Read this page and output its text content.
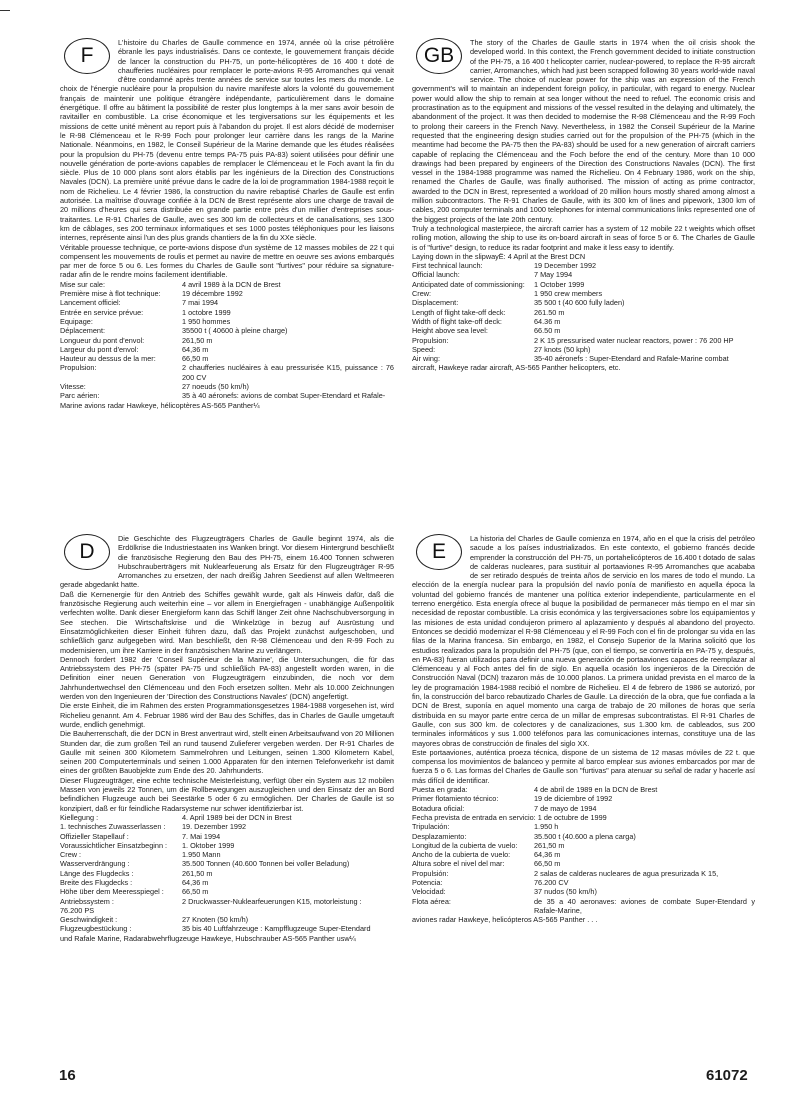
F

L'histoire du Charles de Gaulle commence en 1974, année où la crise pétrolière ébranle les pays industrialisés. Dans ce contexte, le gouvernement français décide de lancer la construction du PH-75, un porte-hélicoptères de 16 400 t doté de chaufferies nucléaires pour remplacer le porte-avions R-95 Arromanches qui venait d'être condamné après trente années de service sur toutes les mers du monde. Le choix de l'énergie nucléaire pour la propulsion du navire manifeste alors la volonté du gouvernement français de maintenir une politique étrangère indépendante, particulièrement dans le domaine énergétique. Il offre au bâtiment la possibilité de rester plus longtemps à la mer sans avoir besoin de ravitailler en combustible. La crise économique et les tergiversations sur les équipements et les missions de cette unité mènent au report puis à l'abandon du projet. Il est alors décidé de moderniser le R-98 Clémenceau et le R-99 Foch pour prolonger leur carrière dans les rangs de la Marine Nationale. Néanmoins, en 1982, le Conseil Supérieur de la Marine demande que les études réalisées pour la propulsion du PH-75 (devenu entre temps PA-75 puis PA-83) soient utilisées pour définir une nouvelle génération de porte-avions capables de remplacer le Clémenceau et le Foch avant la fin du siècle. Plus de 10 000 plans sont alors établis par les ingénieurs de la Direction des Constructions Navales (DCN). La première unité prévue dans le cadre de la loi de programmation 1984-1988 reçoit le nom de Richelieu. Le 4 février 1986, la construction du navire rebaptisé Charles de Gaulle est enfin autorisée. La maîtrise d'ouvrage confiée à la DCN de Brest représente alors une charge de travail de 20 millions d'heures qui sera distribuée en grande partie entre près d'un millier d'entreprises sous-traitantes. Le R-91 Charles de Gaulle, avec ses 300 km de collecteurs et de canalisations, ses 1300 km de câblages, ses 200 terminaux informatiques et ses 1000 postes téléphoniques pour les liaisons internes, représente ainsi l'un des plus grands chantiers de la fin du XXe siècle.

Véritable prouesse technique, ce porte-avions dispose d'un système de 12 masses mobiles de 22 t qui compensent les mouvements de roulis et permet au navire de mettre en oeuvre ses avions embarqués par mer de force 5 ou 6. Les formes du Charles de Gaulle sont "furtives" pour réduire sa signature-radar afin de le rendre moins facilement identifiable.

Mise sur cale:	4 avril 1989 à la DCN de Brest
Première mise à flot technique:	19 décembre 1992
Lancement officiel:	7 mai 1994
Entrée en service prévue:	1 octobre 1999
Equipage:	1 950 hommes
Déplacement:	35500 t ( 40600 à pleine charge)
Longueur du pont d'envol:	261,50 m
Largeur du pont d'envol:	64,36 m
Hauteur au dessus de la mer:	66,50 m
Propulsion:	2 chaufferies nucléaires à eau pressurisée K15, puissance : 76 200 CV
Vitesse:	27 noeuds (50 km/h)
Parc aérien:	35 à 40 aéronefs: avions de combat Super-Etendard et Rafale-

Marine avions radar Hawkeye, hélicoptères AS-565 Panther¼

GB

The story of the Charles de Gaulle starts in 1974 when the oil crisis shook the developed world. In this context, the French government decided to initiate construction of the PH-75, a 16 400 t helicopter carrier, nuclear-powered, to replace the R-95 aircraft carrier, Arromanches, which had just been scrapped following 30 years world-wide naval service. The choice of nuclear power for the ship was an expression of the French government's will to maintain an independent foreign policy, in particular, with regard to energy. Nuclear power would allow the ship to remain at sea longer without the need to refuel. The economic crisis and procrastination as to the equipment and missions of the vessel resulted in the delaying and ultimately, the abandonment of the project. It was then decided to modernise the R-98 Clémenceau and the R-99 Foch to prolong their careers in the French Navy. Nevertheless, in 1982 the Conseil Supérieur de la Marine requested that the engineering design studies carried out for the propulsion of the PH-75 (which in the meantime had become the PA-75 then the PA-83) should be used for a new generation of aircraft carriers capable of replacing the Clémenceau and the Foch before the end of the century. More than 10 000 drawings had been prepared by engineers of the Direction des Constructions Navales (DCN). The first vessel in the 1984-1988 programme was named the Richelieu. On 4 February 1986, work on the ship, renamed the Charles de Gaulle, was finally authorised. The mission of acting as prime contractor, awarded to the DCN in Brest, represented a workload of 20 million hours mostly shared among almost a million subcontractors. The R-91 Charles de Gaulle, with its 300 km of lines and pipework, 1300 km of cables, 200 computer terminals and 1000 telephones for internal communications links represented one of the biggest projects of the late 20th century.

Truly a technological masterpiece, the aircraft carrier has a system of 12 mobile 22 t weights which offset rolling motion, allowing the ship to use its on-board aircraft in seas of force 5 or 6. The Charles de Gaulle is of "furtive" design, to reduce its radar footprint and make it less easy to identify.

Laying down in the slipwayË: 4 April at the Brest DCN

First technical launch:	19 December 1992
Official launch:	7 May 1994
Anticipated date of commissioning:	1 October 1999
Crew:	1 950 crew members
Displacement:	35 500 t (40 600 fully laden)
Length of flight take-off deck:	261.50 m
Width of flight take-off deck:	64.36 m
Height above sea level:	66.50 m
Propulsion:	2 K 15 pressurised water nuclear reactors, power : 76 200 HP
Speed:	27 knots (50 kph)
Air wing:	35-40 aéronefs : Super-Etendard and Rafale-Marine combat

aircraft, Hawkeye radar aircraft, AS-565 Panther helicopters, etc.

D

Die Geschichte des Flugzeugträgers Charles de Gaulle beginnt 1974, als die Erdölkrise die Industriestaaten ins Wanken bringt. Vor diesem Hintergrund beschließt die französische Regierung den Bau des PH-75, einem 16.400 Tonnen schweren Hubschrauberträgers mit Nuklearfeuerung als Ersatz für den Flugzeugträger R-95 Arromanches zu ersetzen, der nach dreißig Jahren Seedienst auf allen Weltmeeren gerade abgedankt hatte.

Daß die Kernenergie für den Antrieb des Schiffes gewählt wurde, galt als Hinweis dafür, daß die französische Regierung auch weiterhin eine – vor allem in Energiefragen - unabhängige Außenpolitik verfechten wollte. Dank dieser Energieform kann das Schiff länger Zeit ohne Nachschubversorgung in See stechen. Die Wirtschaftskrise und die Winkelzüge in bezug auf Ausrüstung und Einsatzmöglichkeiten dieser Einheit führen dazu, daß das Projekt zunächst aufgeschoben, und schließlich ganz aufgegeben wird. Man beschließt, den R-98 Clémenceau und den R-99 Foch zu modernisieren, um ihre Karriere in der französischen Marine zu verlängern.

Dennoch fordert 1982 der 'Conseil Supérieur de la Marine', die Untersuchungen, die für das Antriebssystem des PH-75 (später PA-75 und schließlich PA-83) angestellt worden waren, in die Definition einer neuen Generation von Flugzeugträgern einzubinden, die noch vor dem Jahrhundertwechsel den Clémenceau und den Foch ersetzen sollten. Mehr als 10.000 Zeichnungen werden von den Ingenieuren der 'Direction des Constructions Navales' (DCN) angefertigt.

Die erste Einheit, die im Rahmen des ersten Programmationsgesetzes 1984-1988 vorgesehen ist, wird Richelieu genannt. Am 4. Februar 1986 wird der Bau des Schiffes, das in Charles de Gaulle umgetauft wurde, endlich genehmigt.

Die Bauherrenschaft, die der DCN in Brest anvertraut wird, stellt einen Arbeitsaufwand von 20 Millionen Stunden dar, die zum großen Teil an rund tausend Zulieferer vergeben werden. Der R-91 Charles de Gaulle mit seinen 300 Kilometern Sammelrohren und Leitungen, seinen 1.300 Kilometern Kabel, seinen 200 Computerterminals und seinen 1.000 Apparaten für den internen Telefonverkehr ist damit eines der größten Bauobjekte zum Ende des 20. Jahrhunderts.

Dieser Flugzeugträger, eine echte technische Meisterleistung, verfügt über ein System aus 12 mobilen Massen von jeweils 22 Tonnen, um die Rollbewegungen auszugleichen und den Einsatz der an Bord befindlichen Flugzeuge auch bei Seestärke 5 oder 6 zu ermöglichen. Der Charles de Gaulle ist so konzipiert, daß er für feindliche Radarsysteme nur schwer identifizierbar ist.

Kiellegung :	4. April 1989 bei der DCN in Brest
1. technisches Zuwasserlassen :	19. Dezember 1992
Offizieller Stapellauf :	7. Mai 1994
Voraussichtlicher Einsatzbeginn :	1. Oktober 1999
Crew :	1.950 Mann
Wasserverdrängung :	35.500 Tonnen (40.600 Tonnen bei voller Beladung)
Länge des Flugdecks :	261,50 m
Breite des Flugdecks :	64,36 m
Höhe über dem Meeresspiegel :	66,50 m
Antriebssystem :	2 Druckwasser-Nuklearfeuerungen K15, motorleistung :

76.200 PS

Geschwindigkeit :	27 Knoten (50 km/h)
Flugzeugbestückung :	35 bis 40 Luftfahrzeuge : Kampfflugzeuge Super-Etendard

und Rafale Marine, Radarabwehrflugzeuge Hawkeye, Hubschrauber AS-565 Panther usw¼

E

La historia del Charles de Gaulle comienza en 1974, año en el que la crisis del petróleo sacude a los países industrializados. En este contexto, el gobierno francés decide emprender la construcción del PH-75, un portahelicópteros de 16.400 t dotado de salas de calderas nucleares, para sustituir al portaaviones R-95 Arromanches que acababa de ser retirado después de treinta años de servicio en los mares de todo el mundo. La elección de la energía nuclear para la propulsión del navío ponía de manifiesto en aquella época la voluntad del gobierno francés de mantener una política exterior independiente, particularmente en el terreno energético. Esta energía ofrece al buque la posibilidad de permanecer más tiempo en el mar sin necesidad de repostar combustible. La crisis económica y las tergiversaciones sobre los equipamientos y las misiones de esta unidad condujeron primero al aplazamiento y después al abandono del proyecto. Entonces se decidió modernizar el R-98 Clémenceau y el R-99 Foch con el fin de prolongar su vida en las filas de la Marina francesa. Sin embargo, en 1982, el Consejo Superior de la Marina solicitó que los estudios realizados para la propulsión del PH-75 (que, con el tiempo, se convertiría en PA-75 y, después, en PA-83) fueran utilizados para definir una nueva generación de portaaviones capaces de reemplazar al Clémenceau y al Foch antes del fin de siglo. En aquella ocasión los ingenieros de la Dirección de Construcción Naval (DCN) trazaron más de 10.000 planos. La primera unidad prevista en el marco de la ley de programación 1984-1988 recibió el nombre de Richelieu. El 4 de febrero de 1986 se autorizó, por fin, la construcción del barco rebautizado Charles de Gaulle. La dirección de la obra, que fue confiada a la DCN de Brest, suponía en aquel momento una carga de trabajo de 20 millones de horas que sería distribuida en su mayor parte entre cerca de un millar de empresas subcontratistas. El R-91 Charles de Gaulle, con sus 300 km. de colectores y de canalizaciones, sus 1.300 km. de cableados, sus 200 terminales informáticos y sus 1.000 teléfonos para las comunicaciones internas, constituye una de las mayores obras de construcción de finales del siglo XX.

Este portaaviones, auténtica proeza técnica, dispone de un sistema de 12 masas móviles de 22 t. que compensa los movimientos de balanceo y permite al barco emplear sus aviones embarcados por mar de fuerza 5 o 6. Las formas del Charles de Gaulle son "furtivas" para atenuar su señal de radar y hacerle así más difícil de identificar.

Puesta en grada:	4 de abril de 1989 en la DCN de Brest
Primer flotamiento técnico:	19 de diciembre of 1992
Botadura oficial:	7 de mayo de 1994

Fecha prevista de entrada en servicio: 1 de octubre de 1999

Tripulación:	1.950 h
Desplazamiento:	35.500 t (40.600 a plena carga)
Longitud de la cubierta de vuelo:	261,50 m
Ancho de la cubierta de vuelo:	64,36 m
Altura sobre el nivel del mar:	66,50 m
Propulsión:	2 salas de calderas nucleares de agua presurizada K 15,
Potencia:	76.200 CV
Velocidad:	37 nudos (50 km/h)
Flota aérea:	de 35 a 40 aeronaves: aviones de combate Super-Etendard y Rafale-Marine,

aviones radar Hawkeye, helicópteros AS-565 Panther . . .

16	61072
